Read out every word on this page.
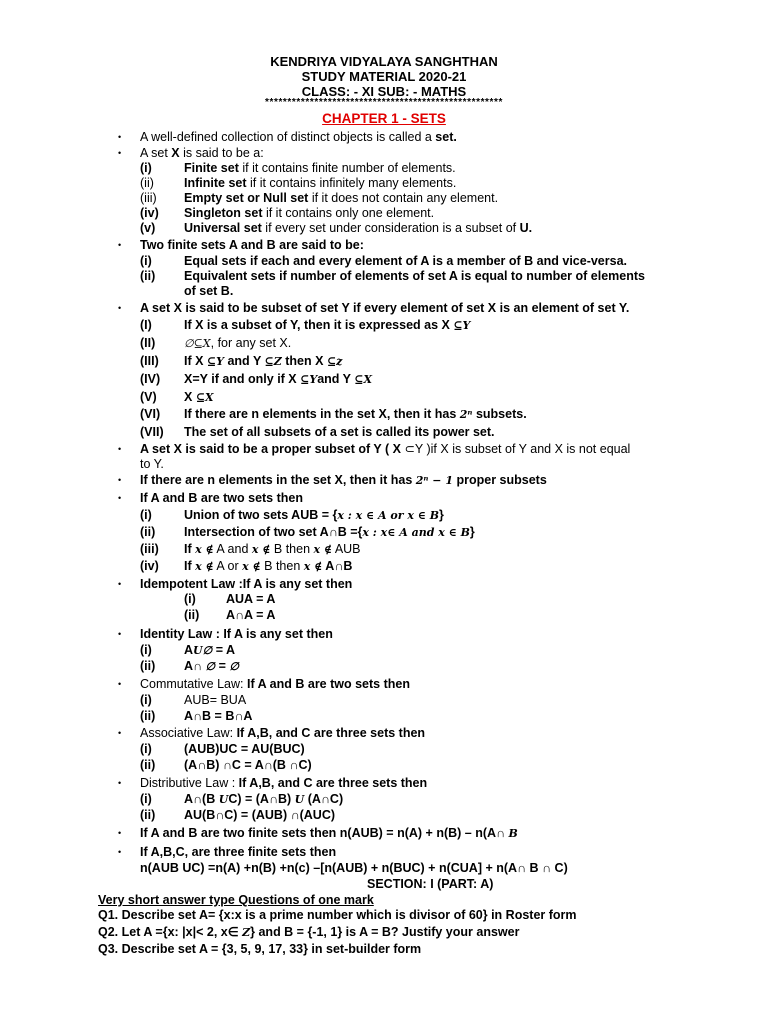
KENDRIYA VIDYALAYA SANGHTHAN
STUDY MATERIAL 2020-21
CLASS: - XI SUB: - MATHS
*****************************************************
CHAPTER 1 - SETS
• A well-defined collection of distinct objects is called a set.
• A set X is said to be a:
(i)	Finite set if it contains finite number of elements.
(ii) Infinite set if it contains infinitely many elements.
(iii) Empty set or Null set if it does not contain any element.
(iv) Singleton set if it contains only one element.
(v) Universal set if every set under consideration is a subset of U.
• Two finite sets A and B are said to be:
(i)	Equal sets if each and every element of A is a member of B and vice-versa.
(ii) Equivalent sets if number of elements of set A is equal to number of elements
of set B.
• A set X is said to be subset of set Y if every element of set X is an element of set Y.
(I)	If X is a subset of Y, then it is expressed as X ⊆Y
(II)	∅⊆X, for any set X.
(III) If X ⊆Y and Y ⊆Z then X ⊆z
(IV) X=Y if and only if X ⊆Yand Y ⊆X
(V) X ⊆X
(VI) If there are n elements in the set X, then it has 2ⁿ subsets.
(VII) The set of all subsets of a set is called its power set.
• A set X is said to be a proper subset of Y ( X ⊂Y )if X is subset of Y and X is not equal
to Y.
• If there are n elements in the set X, then it has 2ⁿ − 1 proper subsets
• If A and B are two sets then
(i)	Union of two sets AUB = {x : x ∈ A or x ∈ B}
(ii) Intersection of two set A∩B ={x : x∈ A and x ∈ B}
(iii) If x ∉ A and x ∉ B then x ∉ AUB
(iv) If x ∉ A or x ∉ B then x ∉ A∩B
• Idempotent Law :If A is any set then
(i) AUA = A
(ii) A∩A = A
• Identity Law : If A is any set then
(i)	AU∅ = A
(ii) A∩ ∅ = ∅
• Commutative Law: If A and B are two sets then
(i)	AUB= BUA
(ii) A∩B = B∩A
• Associative Law: If A,B, and C are three sets then
(i)	(AUB)UC = AU(BUC)
(ii) (A∩B) ∩C = A∩(B ∩C)
• Distributive Law : If A,B, and C are three sets then
(i)	A∩(B UC) = (A∩B) U (A∩C)
(ii) AU(B∩C) = (AUB) ∩(AUC)
• If A and B are two finite sets then n(AUB) = n(A) + n(B) – n(A∩ B
• If A,B,C, are three finite sets then
n(AUB UC) =n(A) +n(B) +n(c) –[n(AUB) + n(BUC) + n(CUA] + n(A∩ B ∩ C)
SECTION: I (PART: A)
Very short answer type Questions of one mark
Q1. Describe set A= {x:x is a prime number which is divisor of 60} in Roster form
Q2. Let A ={x: |x|< 2, x∈ Z} and B = {-1, 1} is A = B? Justify your answer
Q3. Describe set A = {3, 5, 9, 17, 33} in set-builder form
